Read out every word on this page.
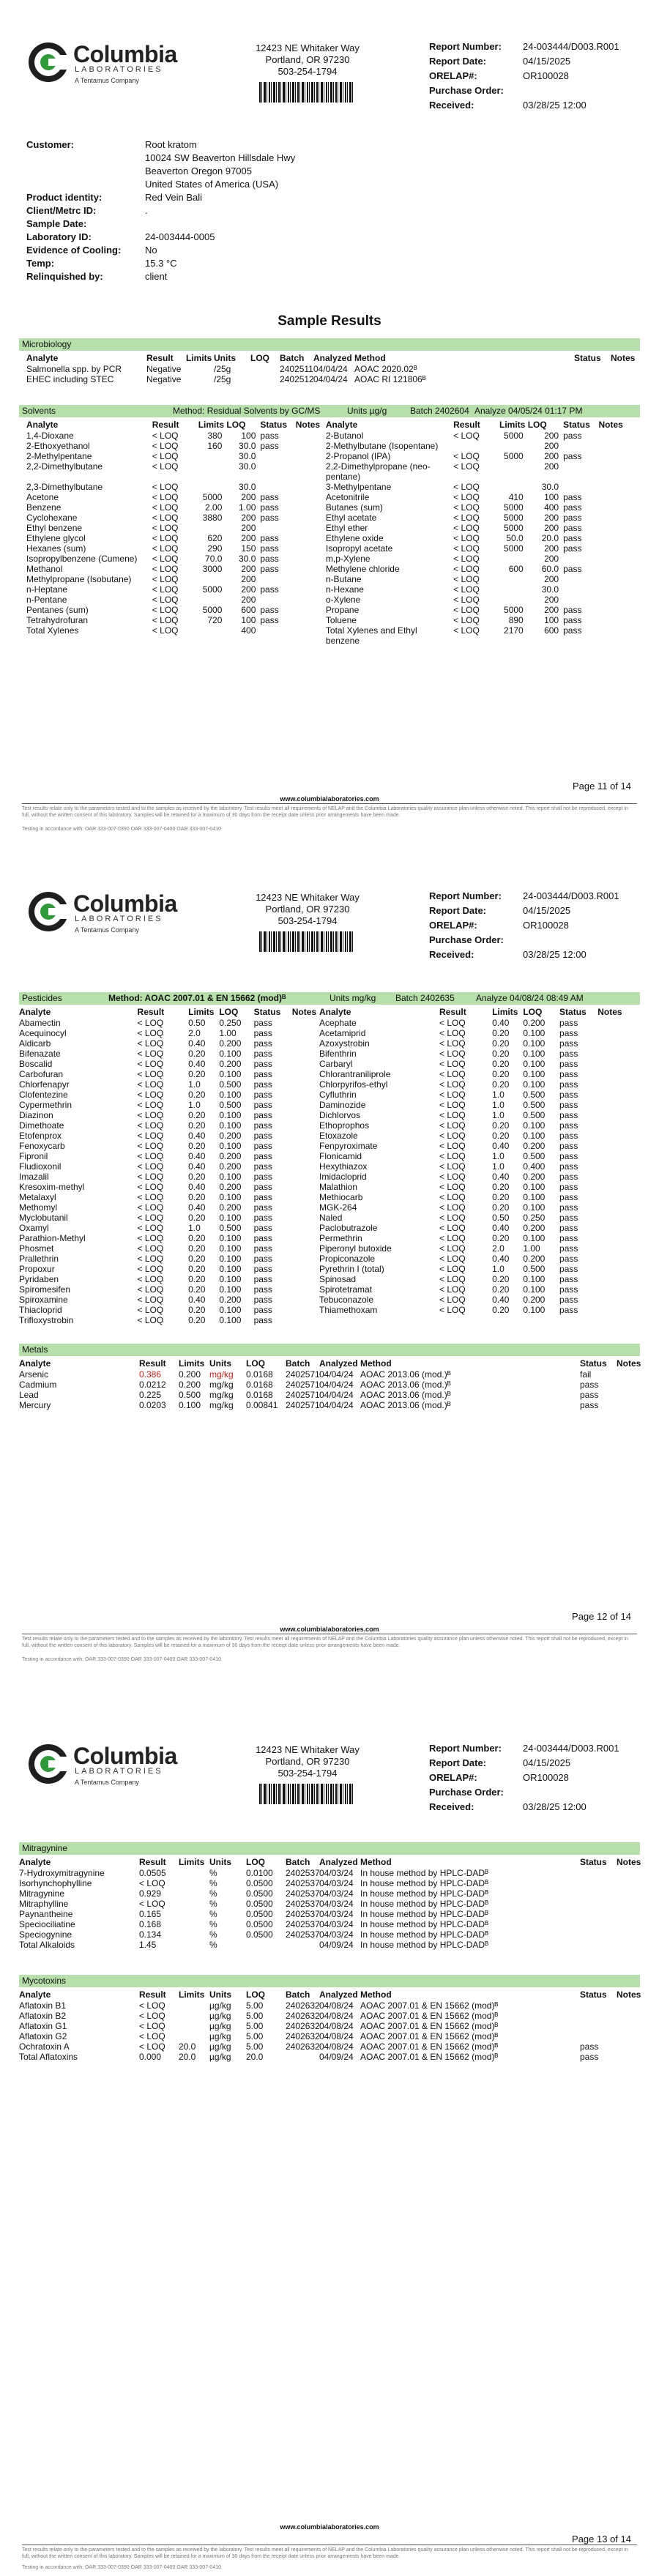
Columbia
LABORATORIES
A Tentamus Company
12423 NE Whitaker Way
Portland, OR 97230
503-254-1794
Report Number: 24-003444/D003.R001
Report Date:	04/15/2025
ORELAP#:	OR100028
Purchase Order:
Received:	03/28/25 12:00
Customer:	Root kratom
10024 SW Beaverton Hillsdale Hwy
Beaverton Oregon 97005
United States of America (USA)
Product identity:	Red Vein Bali
Client/Metrc ID:	.
Sample Date:
Laboratory ID:	24-003444-0005
Evidence of Cooling:	No
Temp:	15.3 °C
Relinquished by:	client
Sample Results
Microbiology
Analyte	Result	Limits	Units	LOQ	Batch	Analyzed	Method	Status	Notes
Salmonella spp. by PCR	Negative		/25g		2402511	04/04/24	AOAC 2020.02ᴮ		
EHEC including STEC	Negative		/25g		2402512	04/04/24	AOAC RI 121806ᴮ		
Solvents	Method: Residual Solvents by GC/MS	Units µg/g	Batch 2402604 Analyze 04/05/24 01:17 PM
Analyte	Result	Limits	LOQ	Status	Notes	Analyte	Result	Limits	LOQ	Status	Notes
1,4-Dioxane	< LOQ	380	100	pass		2-Butanol	< LOQ	5000	200	pass	
2-Ethoxyethanol	< LOQ	160	30.0	pass		2-Methylbutane (Isopentane)			200		
2-Methylpentane	< LOQ		30.0			2-Propanol (IPA)	< LOQ	5000	200	pass	
2,2-Dimethylbutane	< LOQ		30.0			2,2-Dimethylpropane (neo-pentane)	< LOQ		200		
2,3-Dimethylbutane	< LOQ		30.0			3-Methylpentane	< LOQ		30.0		
Acetone	< LOQ	5000	200	pass		Acetonitrile	< LOQ	410	100	pass	
Benzene	< LOQ	2.00	1.00	pass		Butanes (sum)	< LOQ	5000	400	pass	
Cyclohexane	< LOQ	3880	200	pass		Ethyl acetate	< LOQ	5000	200	pass	
Ethyl benzene	< LOQ		200			Ethyl ether	< LOQ	5000	200	pass	
Ethylene glycol	< LOQ	620	200	pass		Ethylene oxide	< LOQ	50.0	20.0	pass	
Hexanes (sum)	< LOQ	290	150	pass		Isopropyl acetate	< LOQ	5000	200	pass	
Isopropylbenzene (Cumene)	< LOQ	70.0	30.0	pass		m,p-Xylene	< LOQ		200		
Methanol	< LOQ	3000	200	pass		Methylene chloride	< LOQ	600	60.0	pass	
Methylpropane (Isobutane)	< LOQ		200			n-Butane	< LOQ		200		
n-Heptane	< LOQ	5000	200	pass		n-Hexane	< LOQ		30.0		
n-Pentane	< LOQ		200			o-Xylene	< LOQ		200		
Pentanes (sum)	< LOQ	5000	600	pass		Propane	< LOQ	5000	200	pass	
Tetrahydrofuran	< LOQ	720	100	pass		Toluene	< LOQ	890	100	pass	
Total Xylenes	< LOQ		400			Total Xylenes and Ethyl benzene	< LOQ	2170	600	pass	
www.columbialaboratories.com
Test results relate only to the parameters tested and to the samples as received by the laboratory. Test results meet all requirements of NELAP and the Columbia Laboratories quality assurance plan unless otherwise noted. This report shall not be reproduced, except in full, without the written consent of this laboratory. Samples will be retained for a maximum of 30 days from the receipt date unless prior arrangements have been made.
Testing in accordance with: OAR 333-007-0390 OAR 333-007-0400 OAR 333-007-0410
Page 11 of 14
Columbia
LABORATORIES
A Tentamus Company
12423 NE Whitaker Way
Portland, OR 97230
503-254-1794
Report Number: 24-003444/D003.R001
Report Date:	04/15/2025
ORELAP#:	OR100028
Purchase Order:
Received:	03/28/25 12:00
Pesticides	Method: AOAC 2007.01 & EN 15662 (mod)ᴮ	Units mg/kg Batch 2402635 Analyze 04/08/24 08:49 AM
Analyte	Result	Limits	LOQ	Status	Notes	Analyte	Result	Limits	LOQ	Status	Notes
Abamectin	< LOQ	0.50	0.250	pass		Acephate	< LOQ	0.40	0.200	pass	
Acequinocyl	< LOQ	2.0	1.00	pass		Acetamiprid	< LOQ	0.20	0.100	pass	
Aldicarb	< LOQ	0.40	0.200	pass		Azoxystrobin	< LOQ	0.20	0.100	pass	
Bifenazate	< LOQ	0.20	0.100	pass		Bifenthrin	< LOQ	0.20	0.100	pass	
Boscalid	< LOQ	0.40	0.200	pass		Carbaryl	< LOQ	0.20	0.100	pass	
Carbofuran	< LOQ	0.20	0.100	pass		Chlorantraniliprole	< LOQ	0.20	0.100	pass	
Chlorfenapyr	< LOQ	1.0	0.500	pass		Chlorpyrifos-ethyl	< LOQ	0.20	0.100	pass	
Clofentezine	< LOQ	0.20	0.100	pass		Cyfluthrin	< LOQ	1.0	0.500	pass	
Cypermethrin	< LOQ	1.0	0.500	pass		Daminozide	< LOQ	1.0	0.500	pass	
Diazinon	< LOQ	0.20	0.100	pass		Dichlorvos	< LOQ	1.0	0.500	pass	
Dimethoate	< LOQ	0.20	0.100	pass		Ethoprophos	< LOQ	0.20	0.100	pass	
Etofenprox	< LOQ	0.40	0.200	pass		Etoxazole	< LOQ	0.20	0.100	pass	
Fenoxycarb	< LOQ	0.20	0.100	pass		Fenpyroximate	< LOQ	0.40	0.200	pass	
Fipronil	< LOQ	0.40	0.200	pass		Flonicamid	< LOQ	1.0	0.500	pass	
Fludioxonil	< LOQ	0.40	0.200	pass		Hexythiazox	< LOQ	1.0	0.400	pass	
Imazalil	< LOQ	0.20	0.100	pass		Imidacloprid	< LOQ	0.40	0.200	pass	
Kresoxim-methyl	< LOQ	0.40	0.200	pass		Malathion	< LOQ	0.20	0.100	pass	
Metalaxyl	< LOQ	0.20	0.100	pass		Methiocarb	< LOQ	0.20	0.100	pass	
Methomyl	< LOQ	0.40	0.200	pass		MGK-264	< LOQ	0.20	0.100	pass	
Myclobutanil	< LOQ	0.20	0.100	pass		Naled	< LOQ	0.50	0.250	pass	
Oxamyl	< LOQ	1.0	0.500	pass		Paclobutrazole	< LOQ	0.40	0.200	pass	
Parathion-Methyl	< LOQ	0.20	0.100	pass		Permethrin	< LOQ	0.20	0.100	pass	
Phosmet	< LOQ	0.20	0.100	pass		Piperonyl butoxide	< LOQ	2.0	1.00	pass	
Prallethrin	< LOQ	0.20	0.100	pass		Propiconazole	< LOQ	0.40	0.200	pass	
Propoxur	< LOQ	0.20	0.100	pass		Pyrethrin I (total)	< LOQ	1.0	0.500	pass	
Pyridaben	< LOQ	0.20	0.100	pass		Spinosad	< LOQ	0.20	0.100	pass	
Spiromesifen	< LOQ	0.20	0.100	pass		Spirotetramat	< LOQ	0.20	0.100	pass	
Spiroxamine	< LOQ	0.40	0.200	pass		Tebuconazole	< LOQ	0.40	0.200	pass	
Thiacloprid	< LOQ	0.20	0.100	pass		Thiamethoxam	< LOQ	0.20	0.100	pass	
Trifloxystrobin	< LOQ	0.20	0.100	pass							
Metals
Analyte	Result	Limits	Units	LOQ	Batch	Analyzed	Method	Status	Notes
Arsenic	0.386	0.200	mg/kg	0.0168	2402571	04/04/24	AOAC 2013.06 (mod.)ᴮ	fail	
Cadmium	0.0212	0.200	mg/kg	0.0168	2402571	04/04/24	AOAC 2013.06 (mod.)ᴮ	pass	
Lead	0.225	0.500	mg/kg	0.0168	2402571	04/04/24	AOAC 2013.06 (mod.)ᴮ	pass	
Mercury	0.0203	0.100	mg/kg	0.00841	2402571	04/04/24	AOAC 2013.06 (mod.)ᴮ	pass	
Page 12 of 14
www.columbialaboratories.com
Test results relate only to the parameters tested and to the samples as received by the laboratory. Test results meet all requirements of NELAP and the Columbia Laboratories quality assurance plan unless otherwise noted. This report shall not be reproduced, except in full, without the written consent of this laboratory. Samples will be retained for a maximum of 30 days from the receipt date unless prior arrangements have been made.
Testing in accordance with: OAR 333-007-0390 OAR 333-007-0400 OAR 333-007-0410
Columbia
LABORATORIES
A Tentamus Company
12423 NE Whitaker Way
Portland, OR 97230
503-254-1794
Report Number: 24-003444/D003.R001
Report Date:	04/15/2025
ORELAP#:	OR100028
Purchase Order:
Received:	03/28/25 12:00
Mitragynine
Analyte	Result	Limits	Units	LOQ	Batch	Analyzed	Method	Status	Notes
7-Hydroxymitragynine	0.0505		%	0.0100	2402537	04/03/24	In house method by HPLC-DADᴮ		
Isorhynchophylline	< LOQ		%	0.0500	2402537	04/03/24	In house method by HPLC-DADᴮ		
Mitragynine	0.929		%	0.0500	2402537	04/03/24	In house method by HPLC-DADᴮ		
Mitraphylline	< LOQ		%	0.0500	2402537	04/03/24	In house method by HPLC-DADᴮ		
Paynantheine	0.165		%	0.0500	2402537	04/03/24	In house method by HPLC-DADᴮ		
Speciociliatine	0.168		%	0.0500	2402537	04/03/24	In house method by HPLC-DADᴮ		
Speciogynine	0.134		%	0.0500	2402537	04/03/24	In house method by HPLC-DADᴮ		
Total Alkaloids	1.45		%			04/09/24	In house method by HPLC-DADᴮ		
Mycotoxins
Analyte	Result	Limits	Units	LOQ	Batch	Analyzed	Method	Status	Notes
Aflatoxin B1	< LOQ		µg/kg	5.00	2402632	04/08/24	AOAC 2007.01 & EN 15662 (mod)ᴮ		
Aflatoxin B2	< LOQ		µg/kg	5.00	2402632	04/08/24	AOAC 2007.01 & EN 15662 (mod)ᴮ		
Aflatoxin G1	< LOQ		µg/kg	5.00	2402632	04/08/24	AOAC 2007.01 & EN 15662 (mod)ᴮ		
Aflatoxin G2	< LOQ		µg/kg	5.00	2402632	04/08/24	AOAC 2007.01 & EN 15662 (mod)ᴮ		
Ochratoxin A	< LOQ	20.0	µg/kg	5.00	2402632	04/08/24	AOAC 2007.01 & EN 15662 (mod)ᴮ	pass	
Total Aflatoxins	0.000	20.0	µg/kg	20.0		04/09/24	AOAC 2007.01 & EN 15662 (mod)ᴮ	pass	
www.columbialaboratories.com
Page 13 of 14
Test results relate only to the parameters tested and to the samples as received by the laboratory. Test results meet all requirements of NELAP and the Columbia Laboratories quality assurance plan unless otherwise noted. This report shall not be reproduced, except in full, without the written consent of this laboratory. Samples will be retained for a maximum of 30 days from the receipt date unless prior arrangements have been made.
Testing in accordance with: OAR 333-007-0390 OAR 333-007-0400 OAR 333-007-0410
